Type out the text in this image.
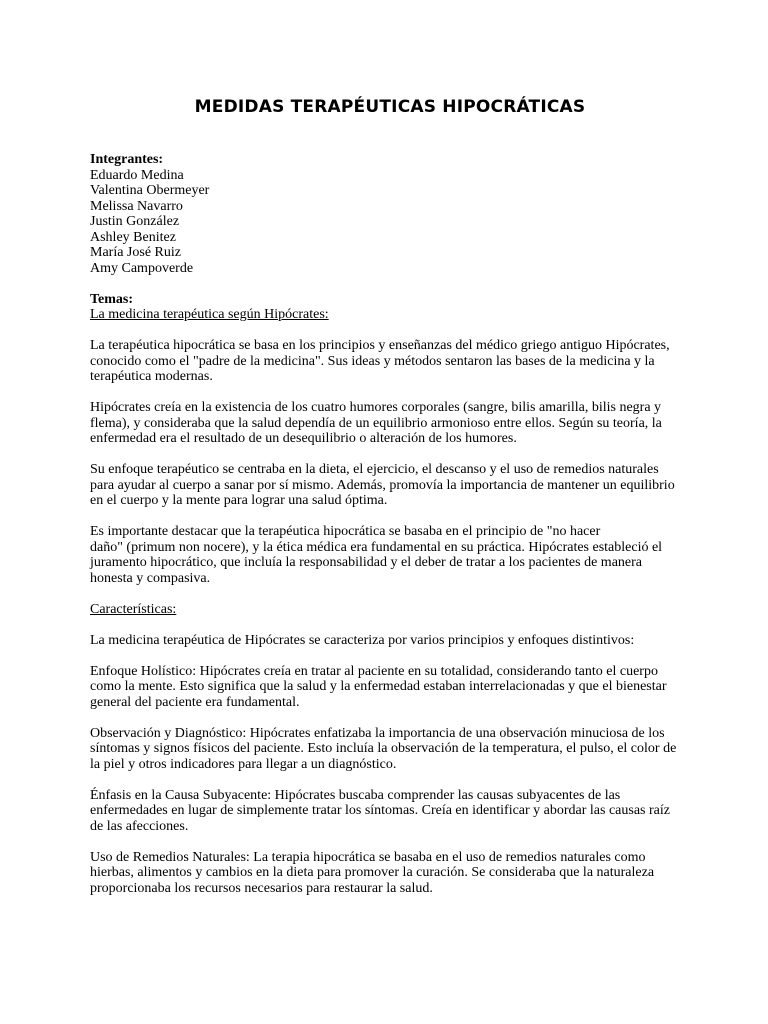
MEDIDAS TERAPÉUTICAS HIPOCRÁTICAS
Integrantes:
Eduardo Medina
Valentina Obermeyer
Melissa Navarro
Justin González
Ashley Benitez
María José Ruiz
Amy Campoverde
Temas:
La medicina terapéutica según Hipócrates:
La terapéutica hipocrática se basa en los principios y enseñanzas del médico griego antiguo Hipócrates,
conocido como el "padre de la medicina". Sus ideas y métodos sentaron las bases de la medicina y la
terapéutica modernas.
Hipócrates creía en la existencia de los cuatro humores corporales (sangre, bilis amarilla, bilis negra y
flema), y consideraba que la salud dependía de un equilibrio armonioso entre ellos. Según su teoría, la
enfermedad era el resultado de un desequilibrio o alteración de los humores.
Su enfoque terapéutico se centraba en la dieta, el ejercicio, el descanso y el uso de remedios naturales
para ayudar al cuerpo a sanar por sí mismo. Además, promovía la importancia de mantener un equilibrio
en el cuerpo y la mente para lograr una salud óptima.
Es importante destacar que la terapéutica hipocrática se basaba en el principio de "no hacer
daño" (primum non nocere), y la ética médica era fundamental en su práctica. Hipócrates estableció el
juramento hipocrático, que incluía la responsabilidad y el deber de tratar a los pacientes de manera
honesta y compasiva.
Características:
La medicina terapéutica de Hipócrates se caracteriza por varios principios y enfoques distintivos:
Enfoque Holístico: Hipócrates creía en tratar al paciente en su totalidad, considerando tanto el cuerpo
como la mente. Esto significa que la salud y la enfermedad estaban interrelacionadas y que el bienestar
general del paciente era fundamental.
Observación y Diagnóstico: Hipócrates enfatizaba la importancia de una observación minuciosa de los
síntomas y signos físicos del paciente. Esto incluía la observación de la temperatura, el pulso, el color de
la piel y otros indicadores para llegar a un diagnóstico.
Énfasis en la Causa Subyacente: Hipócrates buscaba comprender las causas subyacentes de las
enfermedades en lugar de simplemente tratar los síntomas. Creía en identificar y abordar las causas raíz
de las afecciones.
Uso de Remedios Naturales: La terapia hipocrática se basaba en el uso de remedios naturales como
hierbas, alimentos y cambios en la dieta para promover la curación. Se consideraba que la naturaleza
proporcionaba los recursos necesarios para restaurar la salud.
